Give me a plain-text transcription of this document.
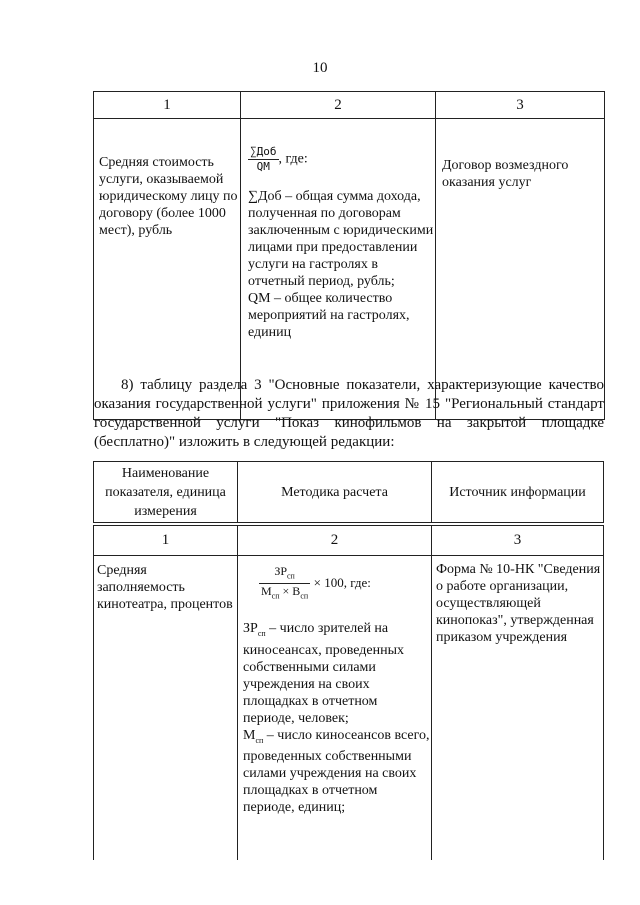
10
1	2	3
Средняя стоимость услуги, оказываемой юридическому лицу по договору (более 1000 мест), рубль	$\frac{\text{∑Доб}}{QМ}$ , где:

∑Доб – общая сумма дохода, полученная по договорам заключенным с юридическими лицами при предоставлении услуги на гастролях в отчетный период, рубль;

QМ – общее количество мероприятий на гастролях, единиц	Договор возмездного оказания услуг

8) таблицу раздела 3 "Основные показатели, характеризующие качество оказания государственной услуги" приложения № 15 "Региональный стандарт государственной услуги "Показ кинофильмов на закрытой площадке (бесплатно)" изложить в следующей редакции:

Наименование показателя, единица измерения	Методика расчета	Источник информации
1	2	3
Средняя заполняемость кинотеатра, процентов	$\frac{ЗР_{сп}}{М_{сп} \times В_{сп}} \times 100$, где:

$ЗР_{сп}$ – число зрителей на киносеансах, проведенных собственными силами учреждения на своих площадках в отчетном периоде, человек;

$М_{сп}$ – число киносеансов всего, проведенных собственными силами учреждения на своих площадках в отчетном периоде, единиц;	Форма № 10-НК "Сведения о работе организации, осуществляющей кинопоказ", утвержденная приказом учреждения
